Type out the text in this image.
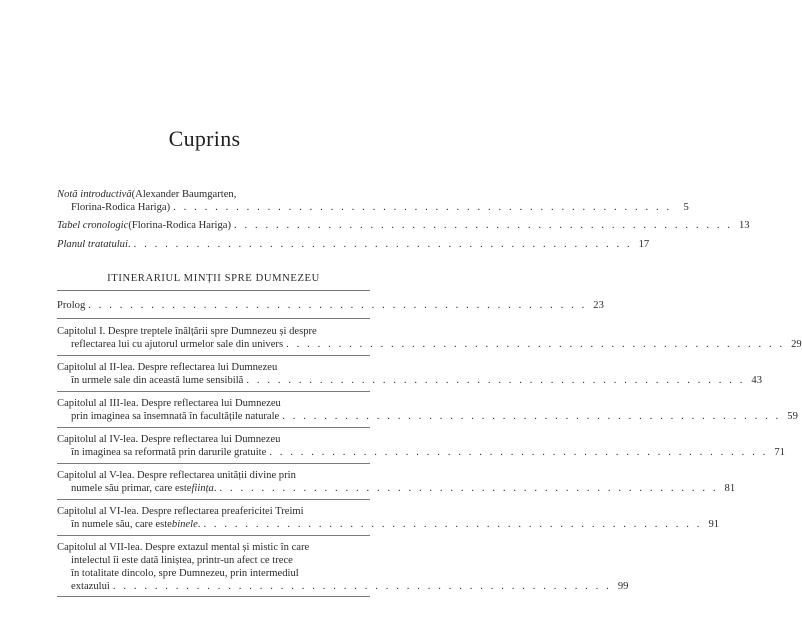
Cuprins
Notă introductivă (Alexander Baumgarten,
Florina-Rodica Hariga) . . . . . . . . . . . . . . . . . . . . . . . . . . . . . . . . . . . . . . . . . . . . . . . .	5
Tabel cronologic (Florina-Rodica Hariga) . . . . . . . . . . . . . . . . . . . . . . . . . . . . . . . . . . . . . . . . . . . . . . . . 13
Planul tratatului . . . . . . . . . . . . . . . . . . . . . . . . . . . . . . . . . . . . . . . . . . . . . . . . . 17
ITINERARIUL MINȚII SPRE DUMNEZEU
Prolog . . . . . . . . . . . . . . . . . . . . . . . . . . . . . . . . . . . . . . . . . . . . . . . . 23
Capitolul I. Despre treptele înălțării spre Dumnezeu și despre
reflectarea lui cu ajutorul urmelor sale din univers . . . . . . . . . . . . . . . . . . . . . . . . . . . . . . . . . . . . . . . . . . . . . . . . 29
Capitolul al II-lea. Despre reflectarea lui Dumnezeu
în urmele sale din această lume sensibilă . . . . . . . . . . . . . . . . . . . . . . . . . . . . . . . . . . . . . . . . . . . . . . . . 43
Capitolul al III-lea. Despre reflectarea lui Dumnezeu
prin imaginea sa însemnată în facultățile naturale . . . . . . . . . . . . . . . . . . . . . . . . . . . . . . . . . . . . . . . . . . . . . . . . 59
Capitolul al IV-lea. Despre reflectarea lui Dumnezeu
în imaginea sa reformată prin darurile gratuite . . . . . . . . . . . . . . . . . . . . . . . . . . . . . . . . . . . . . . . . . . . . . . . . 71
Capitolul al V-lea. Despre reflectarea unității divine prin
numele său primar, care este ființa . . . . . . . . . . . . . . . . . . . . . . . . . . . . . . . . . . . . . . . . . . . . . . . . . 81
Capitolul al VI-lea. Despre reflectarea preafericitei Treimi
în numele său, care este binele . . . . . . . . . . . . . . . . . . . . . . . . . . . . . . . . . . . . . . . . . . . . . . . . . 91
Capitolul al VII-lea. Despre extazul mental și mistic în care
intelectul îi este dată liniștea, printr-un afect ce trece
în totalitate dincolo, spre Dumnezeu, prin intermediul
extazului . . . . . . . . . . . . . . . . . . . . . . . . . . . . . . . . . . . . . . . . . . . . . . . . 99
